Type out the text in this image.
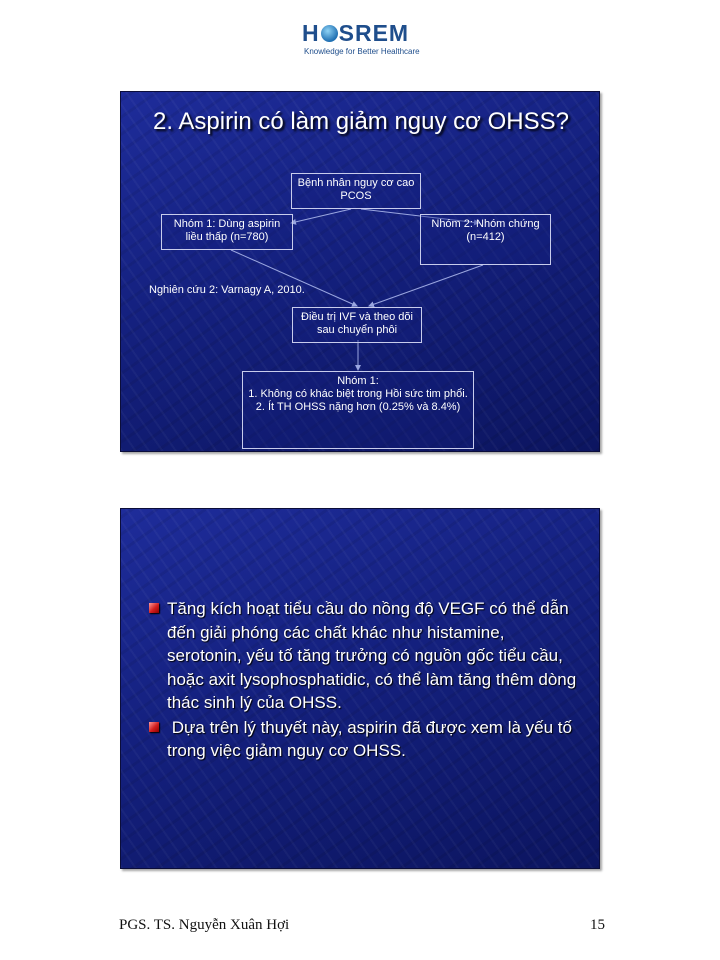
H SREM
Knowledge for Better Healthcare
2. Aspirin có làm giảm nguy cơ OHSS?
Bệnh nhân nguy cơ cao PCOS
Nhóm 1: Dùng aspirin liều thấp (n=780)
Nhóm 2: Nhóm chứng (n=412)
Nghiên cứu 2: Varnagy A, 2010.
Điều trị IVF và theo dõi sau chuyển phôi
Nhóm 1:
1. Không có khác biệt trong Hồi sức tim phổi.
2. Ít TH OHSS nặng hơn (0.25% và 8.4%)
Tăng kích hoạt tiểu cầu do nồng độ VEGF có thể dẫn đến giải phóng các chất khác như histamine, serotonin, yếu tố tăng trưởng có nguồn gốc tiểu cầu, hoặc axit lysophosphatidic, có thể làm tăng thêm dòng thác sinh lý của OHSS.
Dựa trên lý thuyết này, aspirin đã được xem là yếu tố trong việc giảm nguy cơ OHSS.
PGS. TS. Nguyễn Xuân Hợi	15
